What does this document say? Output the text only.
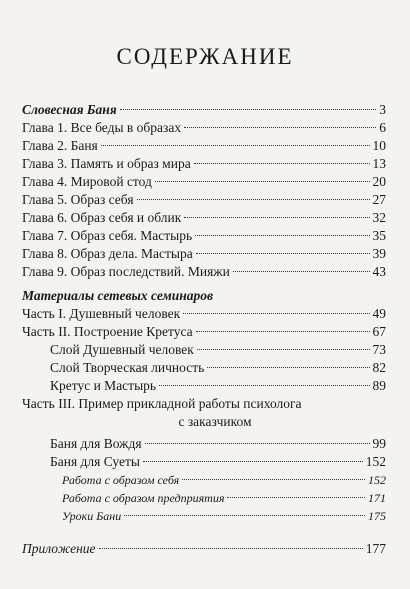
СОДЕРЖАНИЕ
Словесная Баня	3
Глава 1. Все беды в образах	6
Глава 2. Баня	10
Глава 3. Память и образ мира	13
Глава 4. Мировой стод	20
Глава 5. Образ себя	27
Глава 6. Образ себя и облик	32
Глава 7. Образ себя. Мастырь	35
Глава 8. Образ дела. Мастыра	39
Глава 9. Образ последствий. Мияжи	43
Материалы сетевых семинаров
Часть I. Душевный человек	49
Часть II. Построение Кретуса	67
Слой Душевный человек	73
Слой Творческая личность	82
Кретус и Мастырь	89
Часть III. Пример прикладной работы психолога
с заказчиком
Баня для Вождя	99
Баня для Суеты	152
Работа с образом себя	152
Работа с образом предприятия	171
Уроки Бани	175
Приложение	177
